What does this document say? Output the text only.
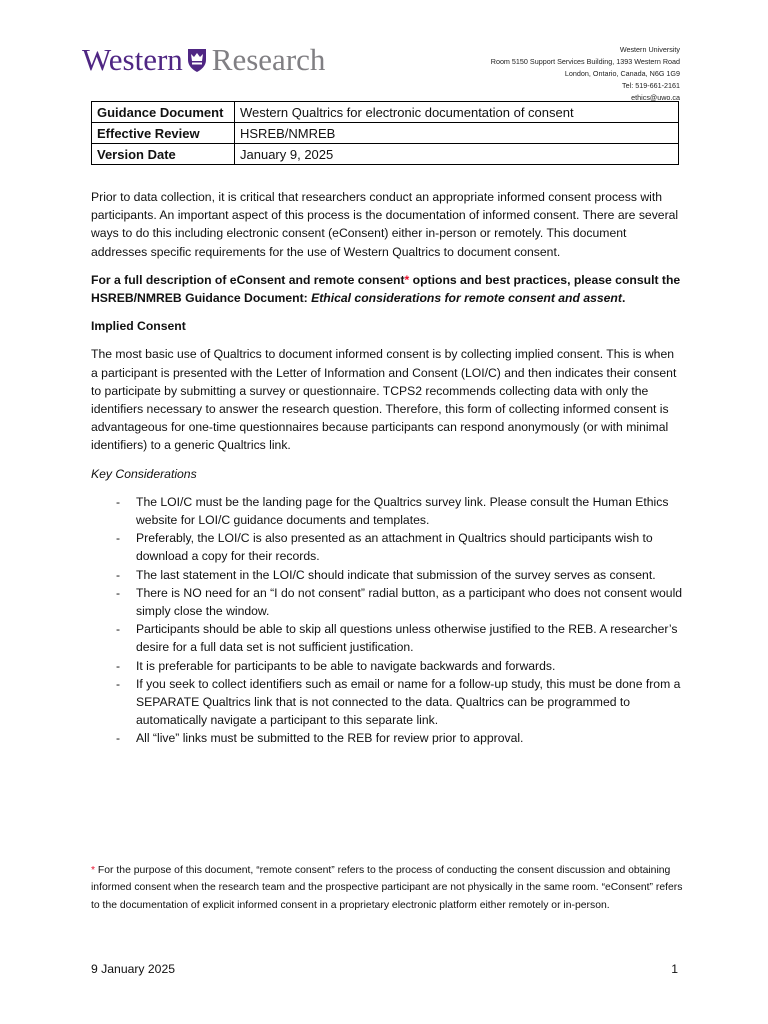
Western Research	Western University
Room 5150 Support Services Building, 1393 Western Road
London, Ontario, Canada, N6G 1G9
Tel: 519-661-2161
ethics@uwo.ca
Guidance Document	Western Qualtrics for electronic documentation of consent
Effective Review	HSREB/NMREB
Version Date	January 9, 2025

Prior to data collection, it is critical that researchers conduct an appropriate informed consent process with participants. An important aspect of this process is the documentation of informed consent. There are several ways to do this including electronic consent (eConsent) either in-person or remotely. This document addresses specific requirements for the use of Western Qualtrics to document consent.

For a full description of eConsent and remote consent* options and best practices, please consult the HSREB/NMREB Guidance Document: Ethical considerations for remote consent and assent.

Implied Consent

The most basic use of Qualtrics to document informed consent is by collecting implied consent. This is when a participant is presented with the Letter of Information and Consent (LOI/C) and then indicates their consent to participate by submitting a survey or questionnaire. TCPS2 recommends collecting data with only the identifiers necessary to answer the research question. Therefore, this form of collecting informed consent is advantageous for one-time questionnaires because participants can respond anonymously (or with minimal identifiers) to a generic Qualtrics link.

Key Considerations

- The LOI/C must be the landing page for the Qualtrics survey link. Please consult the Human Ethics website for LOI/C guidance documents and templates.
- Preferably, the LOI/C is also presented as an attachment in Qualtrics should participants wish to download a copy for their records.
- The last statement in the LOI/C should indicate that submission of the survey serves as consent.
- There is NO need for an “I do not consent” radial button, as a participant who does not consent would simply close the window.
- Participants should be able to skip all questions unless otherwise justified to the REB. A researcher’s desire for a full data set is not sufficient justification.
- It is preferable for participants to be able to navigate backwards and forwards.
- If you seek to collect identifiers such as email or name for a follow-up study, this must be done from a SEPARATE Qualtrics link that is not connected to the data. Qualtrics can be programmed to automatically navigate a participant to this separate link.
- All “live” links must be submitted to the REB for review prior to approval.
* For the purpose of this document, “remote consent” refers to the process of conducting the consent discussion and obtaining informed consent when the research team and the prospective participant are not physically in the same room. “eConsent” refers to the documentation of explicit informed consent in a proprietary electronic platform either remotely or in-person.
9 January 2025	1
